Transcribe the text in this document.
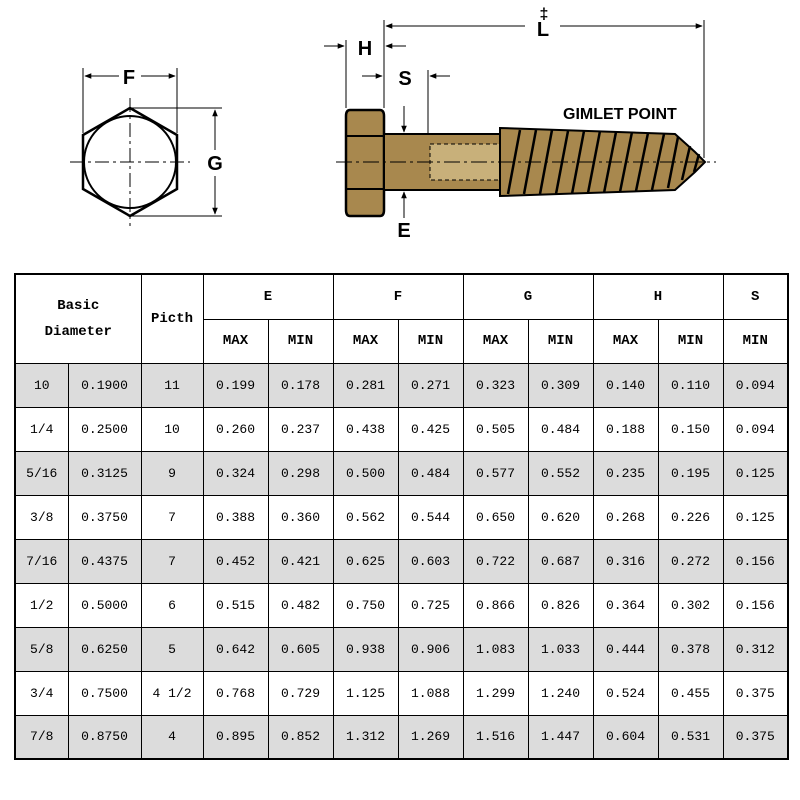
F
G
H
S
L
‡
E
GIMLET POINT
Basic Diameter		Picth	E		F		G		H		S
			MAX	MIN	MAX	MIN	MAX	MIN	MAX	MIN	MIN
10	0.1900	11	0.199	0.178	0.281	0.271	0.323	0.309	0.140	0.110	0.094
1/4	0.2500	10	0.260	0.237	0.438	0.425	0.505	0.484	0.188	0.150	0.094
5/16	0.3125	9	0.324	0.298	0.500	0.484	0.577	0.552	0.235	0.195	0.125
3/8	0.3750	7	0.388	0.360	0.562	0.544	0.650	0.620	0.268	0.226	0.125
7/16	0.4375	7	0.452	0.421	0.625	0.603	0.722	0.687	0.316	0.272	0.156
1/2	0.5000	6	0.515	0.482	0.750	0.725	0.866	0.826	0.364	0.302	0.156
5/8	0.6250	5	0.642	0.605	0.938	0.906	1.083	1.033	0.444	0.378	0.312
3/4	0.7500	4 1/2	0.768	0.729	1.125	1.088	1.299	1.240	0.524	0.455	0.375
7/8	0.8750	4	0.895	0.852	1.312	1.269	1.516	1.447	0.604	0.531	0.375
